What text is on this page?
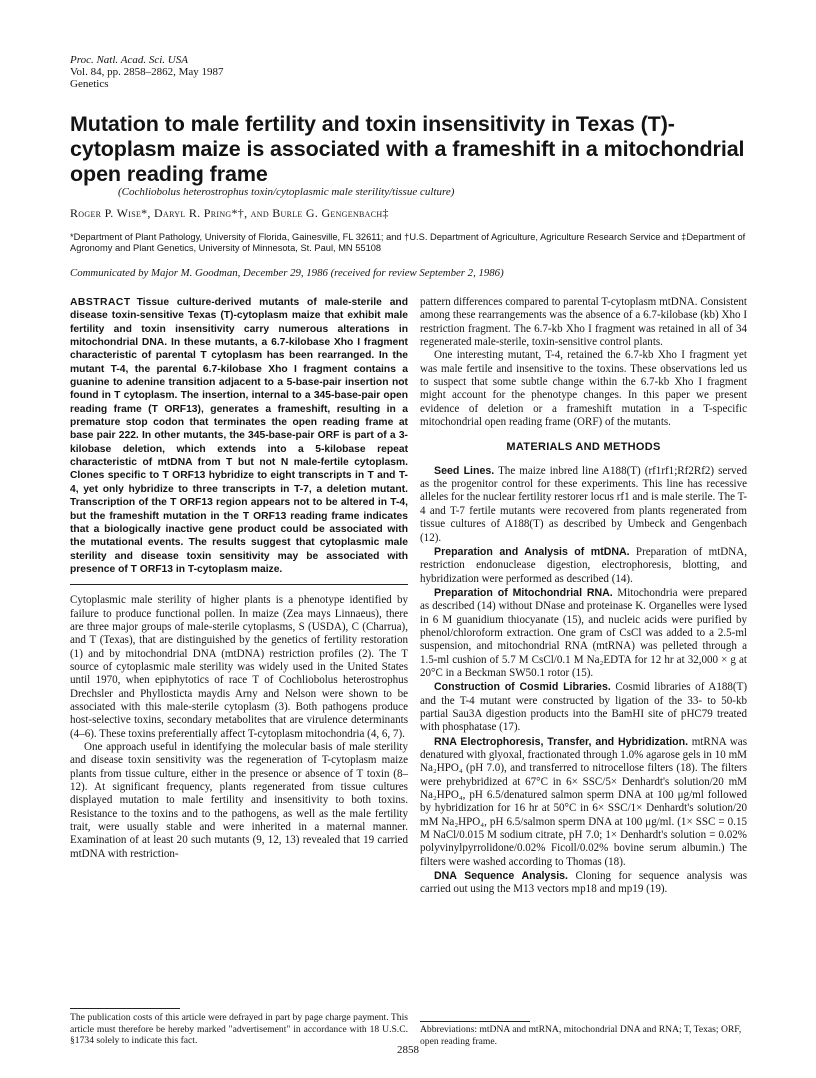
Proc. Natl. Acad. Sci. USA
Vol. 84, pp. 2858–2862, May 1987
Genetics
Mutation to male fertility and toxin insensitivity in Texas (T)-cytoplasm maize is associated with a frameshift in a mitochondrial open reading frame
(Cochliobolus heterostrophus toxin/cytoplasmic male sterility/tissue culture)
Roger P. Wise*, Daryl R. Pring*†, and Burle G. Gengenbach‡
*Department of Plant Pathology, University of Florida, Gainesville, FL 32611; and †U.S. Department of Agriculture, Agriculture Research Service and ‡Department of Agronomy and Plant Genetics, University of Minnesota, St. Paul, MN 55108
Communicated by Major M. Goodman, December 29, 1986 (received for review September 2, 1986)

ABSTRACT Tissue culture-derived mutants of male-sterile and disease toxin-sensitive Texas (T)-cytoplasm maize that exhibit male fertility and toxin insensitivity carry numerous alterations in mitochondrial DNA. In these mutants, a 6.7-kilobase Xho I fragment characteristic of parental T cytoplasm has been rearranged. In the mutant T-4, the parental 6.7-kilobase Xho I fragment contains a guanine to adenine transition adjacent to a 5-base-pair insertion not found in T cytoplasm. The insertion, internal to a 345-base-pair open reading frame (T ORF13), generates a frameshift, resulting in a premature stop codon that terminates the open reading frame at base pair 222. In other mutants, the 345-base-pair ORF is part of a 3-kilobase deletion, which extends into a 5-kilobase repeat characteristic of mtDNA from T but not N male-fertile cytoplasm. Clones specific to T ORF13 hybridize to eight transcripts in T and T-4, yet only hybridize to three transcripts in T-7, a deletion mutant. Transcription of the T ORF13 region appears not to be altered in T-4, but the frameshift mutation in the T ORF13 reading frame indicates that a biologically inactive gene product could be associated with the mutational events. The results suggest that cytoplasmic male sterility and disease toxin sensitivity may be associated with presence of T ORF13 in T-cytoplasm maize.

Cytoplasmic male sterility of higher plants is a phenotype identified by failure to produce functional pollen. In maize (Zea mays Linnaeus), there are three major groups of male-sterile cytoplasms, S (USDA), C (Charrua), and T (Texas), that are distinguished by the genetics of fertility restoration (1) and by mitochondrial DNA (mtDNA) restriction profiles (2). The T source of cytoplasmic male sterility was widely used in the United States until 1970, when epiphytotics of race T of Cochliobolus heterostrophus Drechsler and Phyllosticta maydis Arny and Nelson were shown to be associated with this male-sterile cytoplasm (3). Both pathogens produce host-selective toxins, secondary metabolites that are virulence determinants (4–6). These toxins preferentially affect T-cytoplasm mitochondria (4, 6, 7).

One approach useful in identifying the molecular basis of male sterility and disease toxin sensitivity was the regeneration of T-cytoplasm maize plants from tissue culture, either in the presence or absence of T toxin (8–12). At significant frequency, plants regenerated from tissue cultures displayed mutation to male fertility and insensitivity to both toxins. Resistance to the toxins and to the pathogens, as well as the male fertility trait, were usually stable and were inherited in a maternal manner. Examination of at least 20 such mutants (9, 12, 13) revealed that 19 carried mtDNA with restriction-

pattern differences compared to parental T-cytoplasm mtDNA. Consistent among these rearrangements was the absence of a 6.7-kilobase (kb) Xho I restriction fragment. The 6.7-kb Xho I fragment was retained in all of 34 regenerated male-sterile, toxin-sensitive control plants.

One interesting mutant, T-4, retained the 6.7-kb Xho I fragment yet was male fertile and insensitive to the toxins. These observations led us to suspect that some subtle change within the 6.7-kb Xho I fragment might account for the phenotype changes. In this paper we present evidence of deletion or a frameshift mutation in a T-specific mitochondrial open reading frame (ORF) of the mutants.

MATERIALS AND METHODS

Seed Lines. The maize inbred line A188(T) (rf1rf1;Rf2Rf2) served as the progenitor control for these experiments. This line has recessive alleles for the nuclear fertility restorer locus rf1 and is male sterile. The T-4 and T-7 fertile mutants were recovered from plants regenerated from tissue cultures of A188(T) as described by Umbeck and Gengenbach (12).

Preparation and Analysis of mtDNA. Preparation of mtDNA, restriction endonuclease digestion, electrophoresis, blotting, and hybridization were performed as described (14).

Preparation of Mitochondrial RNA. Mitochondria were prepared as described (14) without DNase and proteinase K. Organelles were lysed in 6 M guanidium thiocyanate (15), and nucleic acids were purified by phenol/chloroform extraction. One gram of CsCl was added to a 2.5-ml suspension, and mitochondrial RNA (mtRNA) was pelleted through a 1.5-ml cushion of 5.7 M CsCl/0.1 M Na₂EDTA for 12 hr at 32,000 × g at 20°C in a Beckman SW50.1 rotor (15).

Construction of Cosmid Libraries. Cosmid libraries of A188(T) and the T-4 mutant were constructed by ligation of the 33- to 50-kb partial Sau3A digestion products into the BamHI site of pHC79 treated with phosphatase (17).

RNA Electrophoresis, Transfer, and Hybridization. mtRNA was denatured with glyoxal, fractionated through 1.0% agarose gels in 10 mM Na₂HPO₄ (pH 7.0), and transferred to nitrocellose filters (18). The filters were prehybridized at 67°C in 6× SSC/5× Denhardt's solution/20 mM Na₂HPO₄, pH 6.5/denatured salmon sperm DNA at 100 μg/ml followed by hybridization for 16 hr at 50°C in 6× SSC/1× Denhardt's solution/20 mM Na₂HPO₄, pH 6.5/salmon sperm DNA at 100 μg/ml. (1× SSC = 0.15 M NaCl/0.015 M sodium citrate, pH 7.0; 1× Denhardt's solution = 0.02% polyvinylpyrrolidone/0.02% Ficoll/0.02% bovine serum albumin.) The filters were washed according to Thomas (18).

DNA Sequence Analysis. Cloning for sequence analysis was carried out using the M13 vectors mp18 and mp19 (19).

The publication costs of this article were defrayed in part by page charge payment. This article must therefore be hereby marked "advertisement" in accordance with 18 U.S.C. §1734 solely to indicate this fact.
Abbreviations: mtDNA and mtRNA, mitochondrial DNA and RNA; T, Texas; ORF, open reading frame.
2858
